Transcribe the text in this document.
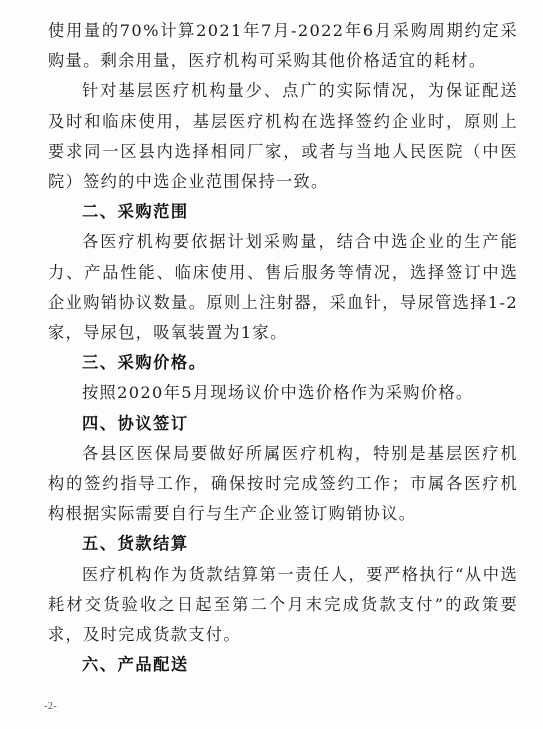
使用量的70%计算2021年7月-2022年6月采购周期约定采购量。剩余用量，医疗机构可采购其他价格适宜的耗材。

针对基层医疗机构量少、点广的实际情况，为保证配送及时和临床使用，基层医疗机构在选择签约企业时，原则上要求同一区县内选择相同厂家，或者与当地人民医院（中医院）签约的中选企业范围保持一致。

二、采购范围

各医疗机构要依据计划采购量，结合中选企业的生产能力、产品性能、临床使用、售后服务等情况，选择签订中选企业购销协议数量。原则上注射器，采血针，导尿管选择1-2家，导尿包，吸氧装置为1家。

三、采购价格。

按照2020年5月现场议价中选价格作为采购价格。

四、协议签订

各县区医保局要做好所属医疗机构，特别是基层医疗机构的签约指导工作，确保按时完成签约工作；市属各医疗机构根据实际需要自行与生产企业签订购销协议。

五、货款结算

医疗机构作为货款结算第一责任人，要严格执行“从中选耗材交货验收之日起至第二个月末完成货款支付”的政策要求，及时完成货款支付。

六、产品配送

-2-
